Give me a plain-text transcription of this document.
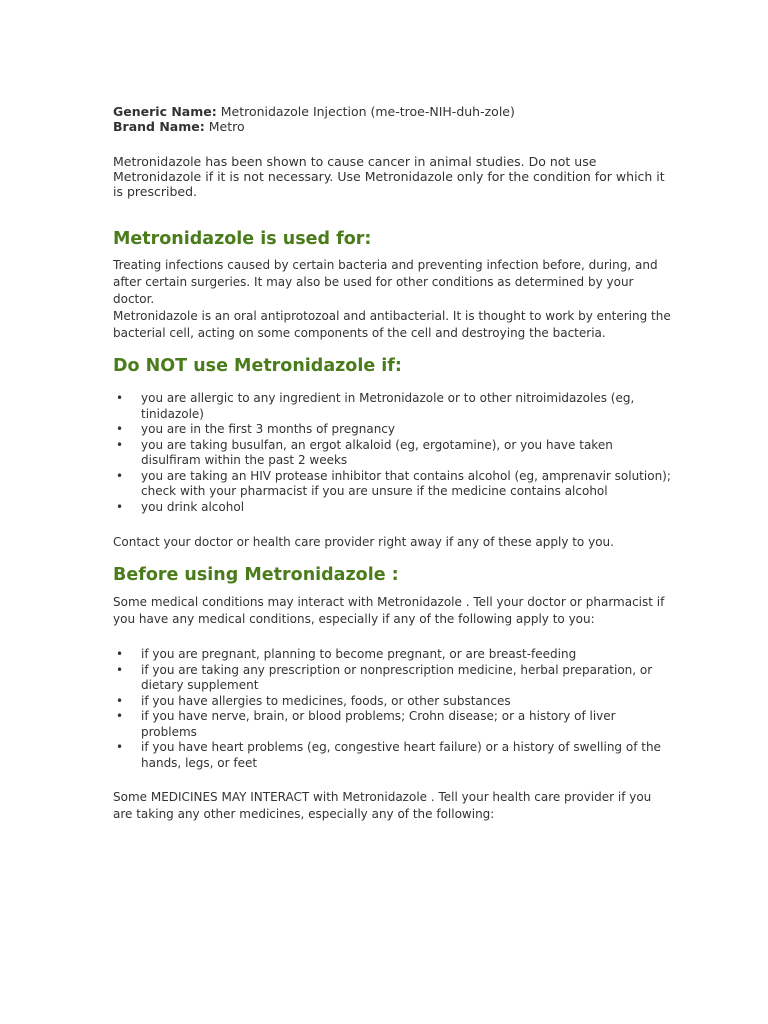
Generic Name: Metronidazole Injection (me-troe-NIH-duh-zole)

Brand Name: Metro

Metronidazole has been shown to cause cancer in animal studies. Do not use Metronidazole if it is not necessary. Use Metronidazole only for the condition for which it is prescribed.

Metronidazole is used for:

Treating infections caused by certain bacteria and preventing infection before, during, and after certain surgeries. It may also be used for other conditions as determined by your doctor.

Metronidazole is an oral antiprotozoal and antibacterial. It is thought to work by entering the bacterial cell, acting on some components of the cell and destroying the bacteria.

Do NOT use Metronidazole if:
• you are allergic to any ingredient in Metronidazole or to other nitroimidazoles (eg, tinidazole)
• you are in the first 3 months of pregnancy
• you are taking busulfan, an ergot alkaloid (eg, ergotamine), or you have taken disulfiram within the past 2 weeks
• you are taking an HIV protease inhibitor that contains alcohol (eg, amprenavir solution); check with your pharmacist if you are unsure if the medicine contains alcohol
• you drink alcohol

Contact your doctor or health care provider right away if any of these apply to you.

Before using Metronidazole :

Some medical conditions may interact with Metronidazole . Tell your doctor or pharmacist if you have any medical conditions, especially if any of the following apply to you:

• if you are pregnant, planning to become pregnant, or are breast-feeding
• if you are taking any prescription or nonprescription medicine, herbal preparation, or dietary supplement
• if you have allergies to medicines, foods, or other substances
• if you have nerve, brain, or blood problems; Crohn disease; or a history of liver problems
• if you have heart problems (eg, congestive heart failure) or a history of swelling of the hands, legs, or feet

Some MEDICINES MAY INTERACT with Metronidazole . Tell your health care provider if you are taking any other medicines, especially any of the following:
